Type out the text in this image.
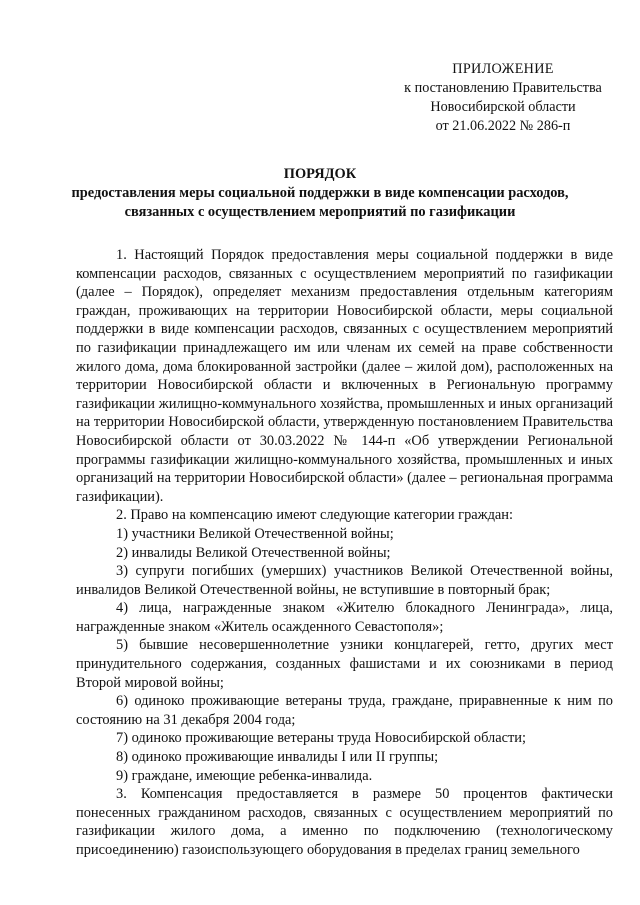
ПРИЛОЖЕНИЕ
к постановлению Правительства
Новосибирской области
от 21.06.2022 № 286-п
ПОРЯДОК
предоставления меры социальной поддержки в виде компенсации расходов,
связанных с осуществлением мероприятий по газификации

1. Настоящий Порядок предоставления меры социальной поддержки в виде компенсации расходов, связанных с осуществлением мероприятий по газификации (далее – Порядок), определяет механизм предоставления отдельным категориям граждан, проживающих на территории Новосибирской области, меры социальной поддержки в виде компенсации расходов, связанных с осуществлением мероприятий по газификации принадлежащего им или членам их семей на праве собственности жилого дома, дома блокированной застройки (далее – жилой дом), расположенных на территории Новосибирской области и включенных в Региональную программу газификации жилищно-коммунального хозяйства, промышленных и иных организаций на территории Новосибирской области, утвержденную постановлением Правительства Новосибирской области от 30.03.2022 № 144-п «Об утверждении Региональной программы газификации жилищно-коммунального хозяйства, промышленных и иных организаций на территории Новосибирской области» (далее – региональная программа газификации).

2. Право на компенсацию имеют следующие категории граждан:

1) участники Великой Отечественной войны;

2) инвалиды Великой Отечественной войны;

3) супруги погибших (умерших) участников Великой Отечественной войны, инвалидов Великой Отечественной войны, не вступившие в повторный брак;

4) лица, награжденные знаком «Жителю блокадного Ленинграда», лица, награжденные знаком «Житель осажденного Севастополя»;

5) бывшие несовершеннолетние узники концлагерей, гетто, других мест принудительного содержания, созданных фашистами и их союзниками в период Второй мировой войны;

6) одиноко проживающие ветераны труда, граждане, приравненные к ним по состоянию на 31 декабря 2004 года;

7) одиноко проживающие ветераны труда Новосибирской области;

8) одиноко проживающие инвалиды I или II группы;

9) граждане, имеющие ребенка-инвалида.

3. Компенсация предоставляется в размере 50 процентов фактически понесенных гражданином расходов, связанных с осуществлением мероприятий по газификации жилого дома, а именно по подключению (технологическому присоединению) газоиспользующего оборудования в пределах границ земельного
